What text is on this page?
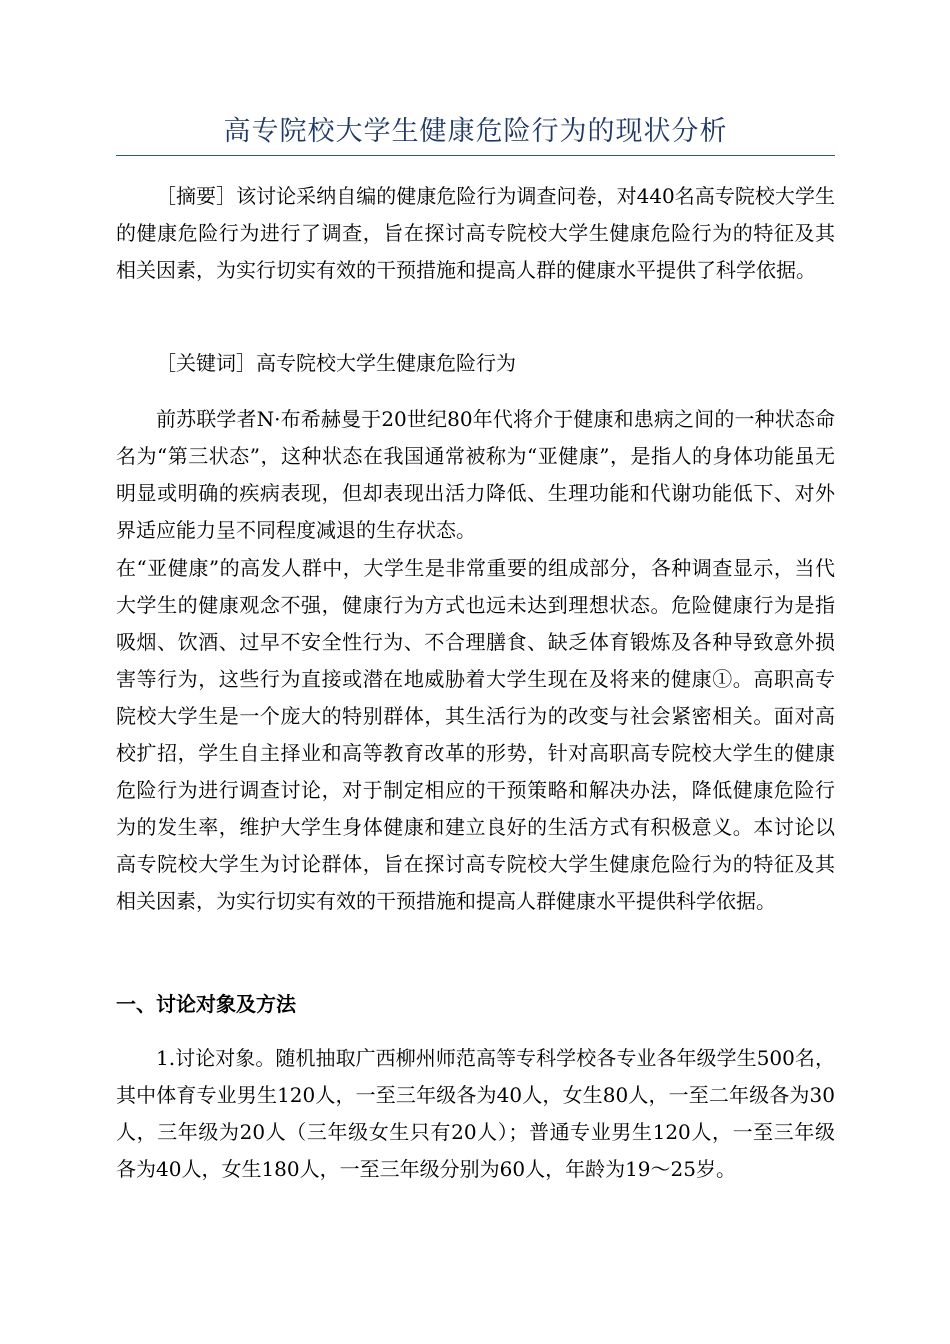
高专院校大学生健康危险行为的现状分析

［摘要］该讨论采纳自编的健康危险行为调查问卷，对440名高专院校大学生的健康危险行为进行了调查，旨在探讨高专院校大学生健康危险行为的特征及其相关因素，为实行切实有效的干预措施和提高人群的健康水平提供了科学依据。

［关键词］高专院校大学生健康危险行为

前苏联学者N·布希赫曼于20世纪80年代将介于健康和患病之间的一种状态命名为“第三状态”，这种状态在我国通常被称为“亚健康”，是指人的身体功能虽无明显或明确的疾病表现，但却表现出活力降低、生理功能和代谢功能低下、对外界适应能力呈不同程度减退的生存状态。

在“亚健康”的高发人群中，大学生是非常重要的组成部分，各种调查显示，当代大学生的健康观念不强，健康行为方式也远未达到理想状态。危险健康行为是指吸烟、饮酒、过早不安全性行为、不合理膳食、缺乏体育锻炼及各种导致意外损害等行为，这些行为直接或潜在地威胁着大学生现在及将来的健康①。高职高专院校大学生是一个庞大的特别群体，其生活行为的改变与社会紧密相关。面对高校扩招，学生自主择业和高等教育改革的形势，针对高职高专院校大学生的健康危险行为进行调查讨论，对于制定相应的干预策略和解决办法，降低健康危险行为的发生率，维护大学生身体健康和建立良好的生活方式有积极意义。本讨论以高专院校大学生为讨论群体，旨在探讨高专院校大学生健康危险行为的特征及其相关因素，为实行切实有效的干预措施和提高人群健康水平提供科学依据。

一、讨论对象及方法

1.讨论对象。随机抽取广西柳州师范高等专科学校各专业各年级学生500名，其中体育专业男生120人，一至三年级各为40人，女生80人，一至二年级各为30人，三年级为20人（三年级女生只有20人）；普通专业男生120人，一至三年级各为40人，女生180人，一至三年级分别为60人，年龄为19～25岁。
